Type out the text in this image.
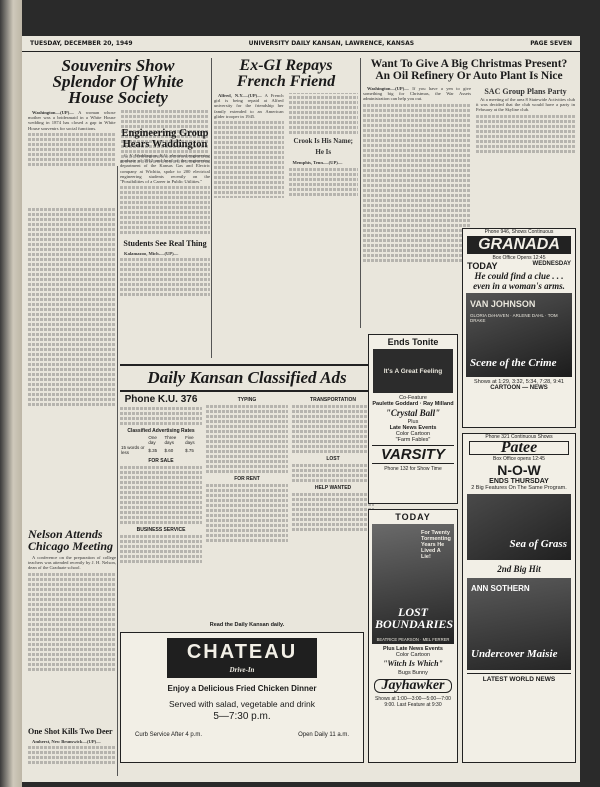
TUESDAY, DECEMBER 20, 1949	UNIVERSITY DAILY KANSAN, LAWRENCE, KANSAS	PAGE SEVEN
Souvenirs Show Splendor Of White House Society

Washington—(UP)— A woman whose mother was a bridesmaid in a White House wedding in 1874 has closed a gap in White House souvenirs for social functions.

Nelson Attends Chicago Meeting

A conference on the preparation of college teachers was attended recently by J. H. Nelson, dean of the Graduate school.

One Shot Kills Two Deer

Amherst, New Brunswick—(UP)—

Engineering Group Hears Waddington

C. V. Waddington, K.U. electrical engineering graduate of 1912 and head of the engineering department of the Kansas Gas and Electric company at Wichita, spoke to 200 electrical engineering students recently on the "Possibilities of a Career in Public Utilities."

Students See Real Thing

Kalamazoo, Mich.—(UP)—

Ex-GI Repays French Friend

Alfred, N.Y.—(UP)— A French girl is being repaid at Alfred university for the friendship her family extended to an American glider trooper in 1945.

Crook Is His Name; He Is

Memphis, Tenn.—(UP)—

Want To Give A Big Christmas Present? An Oil Refinery Or Auto Plant Is Nice

Washington—(UP)— If you have a yen to give something big for Christmas, the War Assets administration can help you out.

SAC Group Plans Party

At a meeting of the area 8 Statewide Activities club it was decided that the club would have a party in February at the Skyline club.

Phone 946, Shows Continuous
GRANADA
Box Office Opens 12:45
TODAY	WEDNESDAY
He could find a clue . . . even in a woman's arms.
VAN JOHNSON
GLORIA DeHAVEN · ARLENE DAHL · TOM DRAKE
Scene of the Crime
Shows at 1:29, 3:32, 5:34, 7:28, 9:41
CARTOON — NEWS
Daily Kansan Classified Ads
Phone K.U. 376
Classified Advertising Rates
	One day	Three days	Five days
15 words or less	$.35	$.60	$.75
FOR SALE
BUSINESS SERVICE
TYPING
FOR RENT
TRANSPORTATION
LOST
HELP WANTED
Read the Daily Kansan daily.
Ends Tonite
It's A Great Feeling
Co-Feature
Paulette Goddard · Ray Milland
"Crystal Ball"
Plus
Late News Events
Color Cartoon
"Farm Fables"
VARSITY
Phone 132 for Show Time
TODAY
For Twenty Tormenting Years He Lived A Lie!
LOST BOUNDARIES
BEATRICE PEARSON · MEL FERRER
Plus Late News Events
Color Cartoon
"Witch Is Which"
Bugs Bunny
Jayhawker
Shows at 1:00—3:00—5:00—7:00
9:00. Last Feature at 9:30
Phone 321 Continuous Shows
Patee
Box Office opens 12:45
N-O-W
ENDS THURSDAY
2 Big Features On The Same Program.
Sea of Grass
2nd Big Hit
ANN SOTHERN
Undercover Maisie
LATEST WORLD NEWS
CHATEAU
Drive-In
Enjoy a Delicious Fried Chicken Dinner
Served with salad, vegetable and drink
5—7:30 p.m.
Curb Service After 4 p.m.	Open Daily 11 a.m.
